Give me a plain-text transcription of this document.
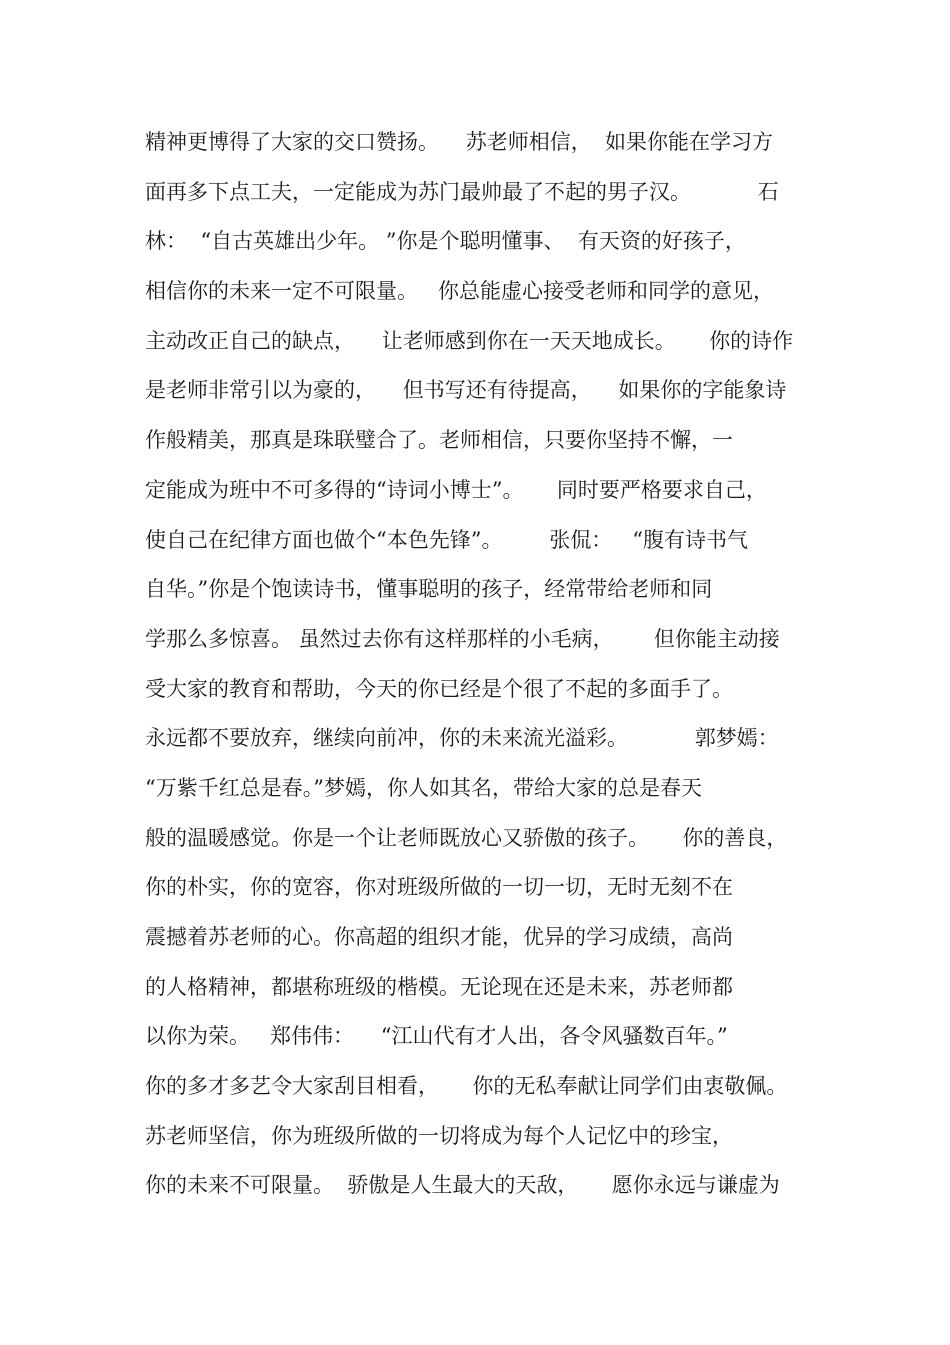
精神更博得了大家的交口赞扬。    苏老师相信，  如果你能在学习方
面再多下点工夫，一定能成为苏门最帅最了不起的男子汉。          石
林：  “自古英雄出少年。 ”你是个聪明懂事、  有天资的好孩子，
相信你的未来一定不可限量。   你总能虚心接受老师和同学的意见，
主动改正自己的缺点，    让老师感到你在一天天地成长。     你的诗作
是老师非常引以为豪的，    但书写还有待提高，    如果你的字能象诗
作般精美，那真是珠联璧合了。老师相信，只要你坚持不懈，一
定能成为班中不可多得的“诗词小博士”。     同时要严格要求自己，
使自己在纪律方面也做个“本色先锋”。       张侃：   “腹有诗书气
自华。”你是个饱读诗书，懂事聪明的孩子，经常带给老师和同
学那么多惊喜。 虽然过去你有这样那样的小毛病，      但你能主动接
受大家的教育和帮助，今天的你已经是个很了不起的多面手了。
永远都不要放弃，继续向前冲，你的未来流光溢彩。          郭梦嫣：
“万紫千红总是春。”梦嫣，你人如其名，带给大家的总是春天
般的温暖感觉。你是一个让老师既放心又骄傲的孩子。     你的善良，
你的朴实，你的宽容，你对班级所做的一切一切，无时无刻不在
震撼着苏老师的心。你高超的组织才能，优异的学习成绩，高尚
的人格精神，都堪称班级的楷模。无论现在还是未来，苏老师都
以你为荣。   郑伟伟：    “江山代有才人出，各令风骚数百年。”
你的多才多艺令大家刮目相看，     你的无私奉献让同学们由衷敬佩。
苏老师坚信，你为班级所做的一切将成为每个人记忆中的珍宝，
你的未来不可限量。  骄傲是人生最大的天敌，     愿你永远与谦虚为
